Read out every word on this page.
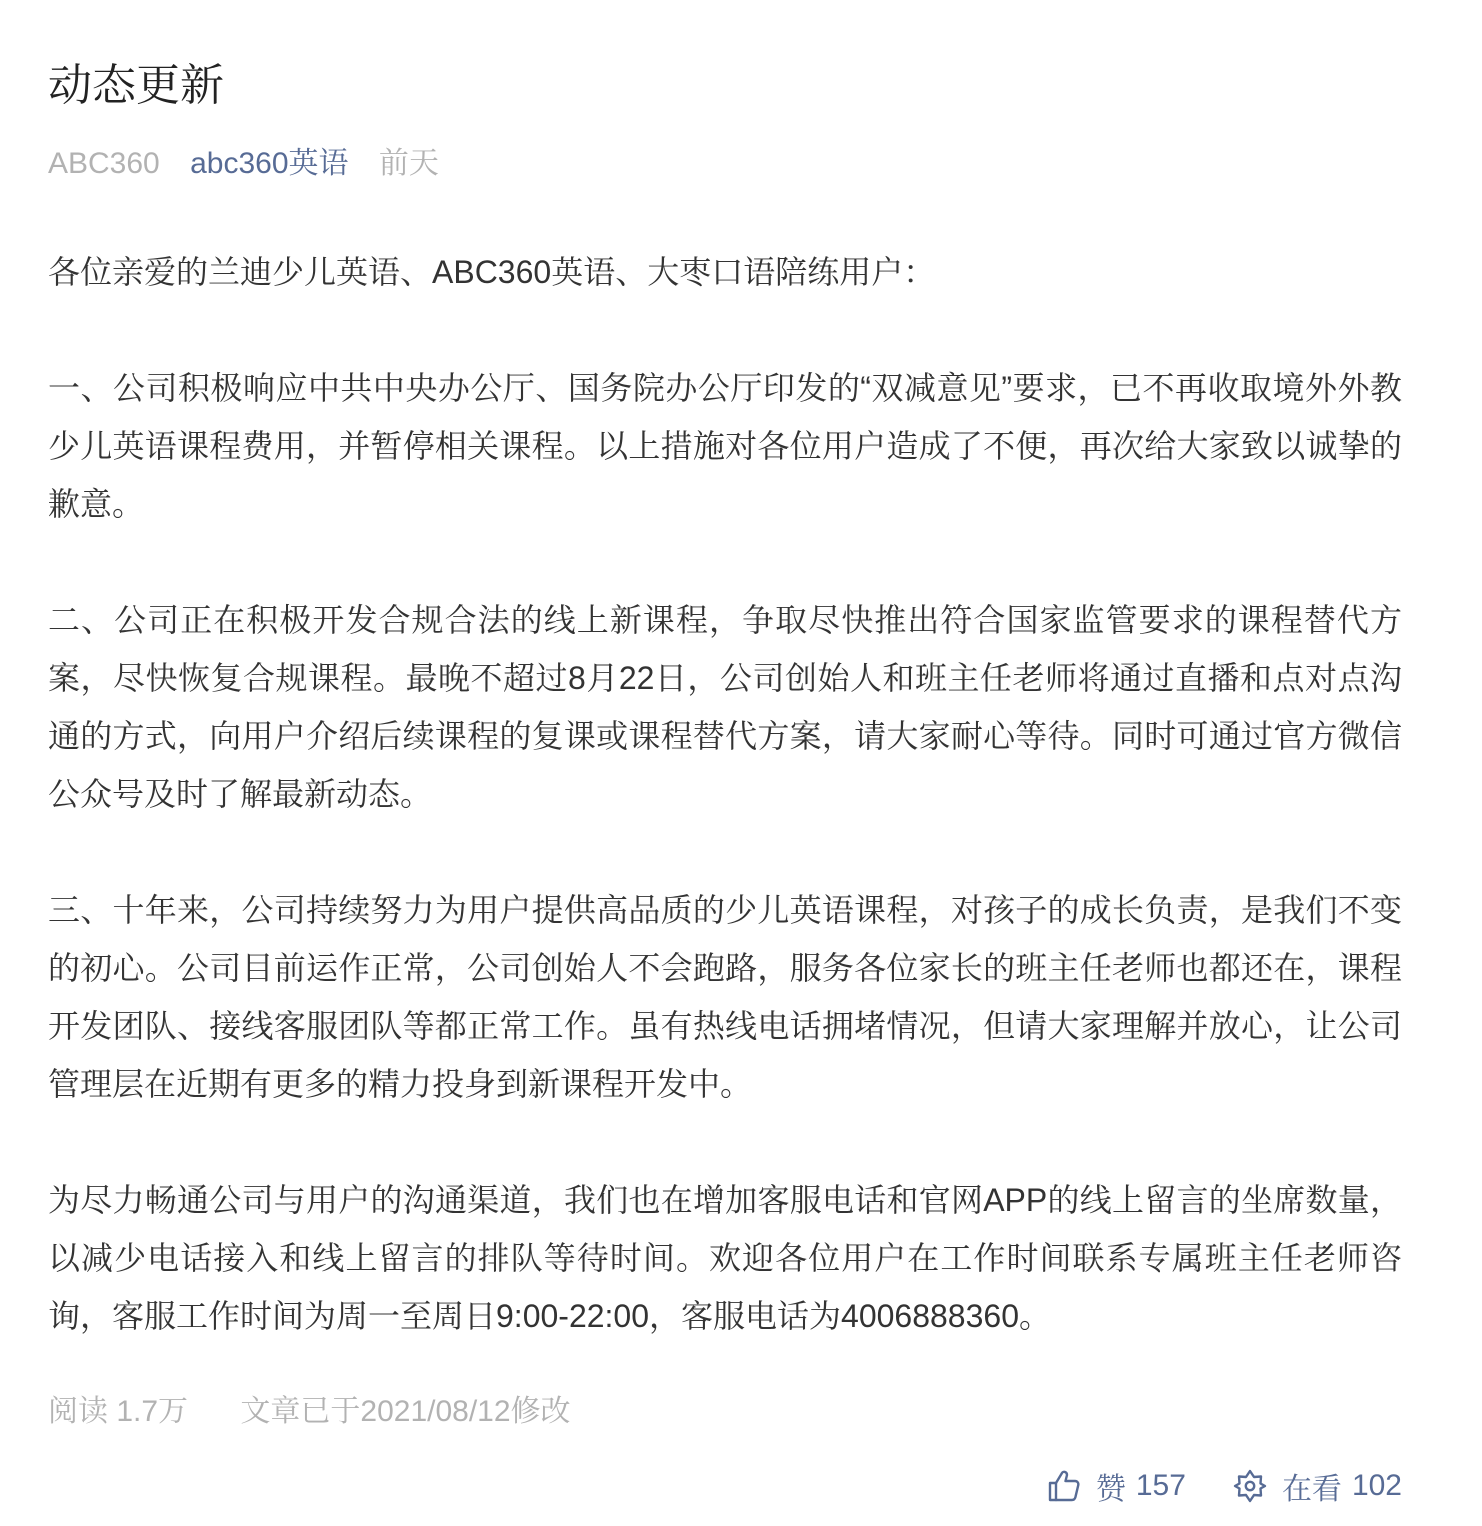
动态更新
ABC360 abc360英语 前天

各位亲爱的兰迪少儿英语、ABC360英语、大枣口语陪练用户：

一、公司积极响应中共中央办公厅、国务院办公厅印发的“双减意见”要求，已不再收取境外外教少儿英语课程费用，并暂停相关课程。以上措施对各位用户造成了不便，再次给大家致以诚挚的歉意。

二、公司正在积极开发合规合法的线上新课程，争取尽快推出符合国家监管要求的课程替代方案，尽快恢复合规课程。最晚不超过8月22日，公司创始人和班主任老师将通过直播和点对点沟通的方式，向用户介绍后续课程的复课或课程替代方案，请大家耐心等待。同时可通过官方微信公众号及时了解最新动态。

三、十年来，公司持续努力为用户提供高品质的少儿英语课程，对孩子的成长负责，是我们不变的初心。公司目前运作正常，公司创始人不会跑路，服务各位家长的班主任老师也都还在，课程开发团队、接线客服团队等都正常工作。虽有热线电话拥堵情况，但请大家理解并放心，让公司管理层在近期有更多的精力投身到新课程开发中。

为尽力畅通公司与用户的沟通渠道，我们也在增加客服电话和官网APP的线上留言的坐席数量，以减少电话接入和线上留言的排队等待时间。欢迎各位用户在工作时间联系专属班主任老师咨询，客服工作时间为周一至周日9:00-22:00，客服电话为4006888360。

阅读 1.7万 文章已于2021/08/12修改
赞 157	在看 102
